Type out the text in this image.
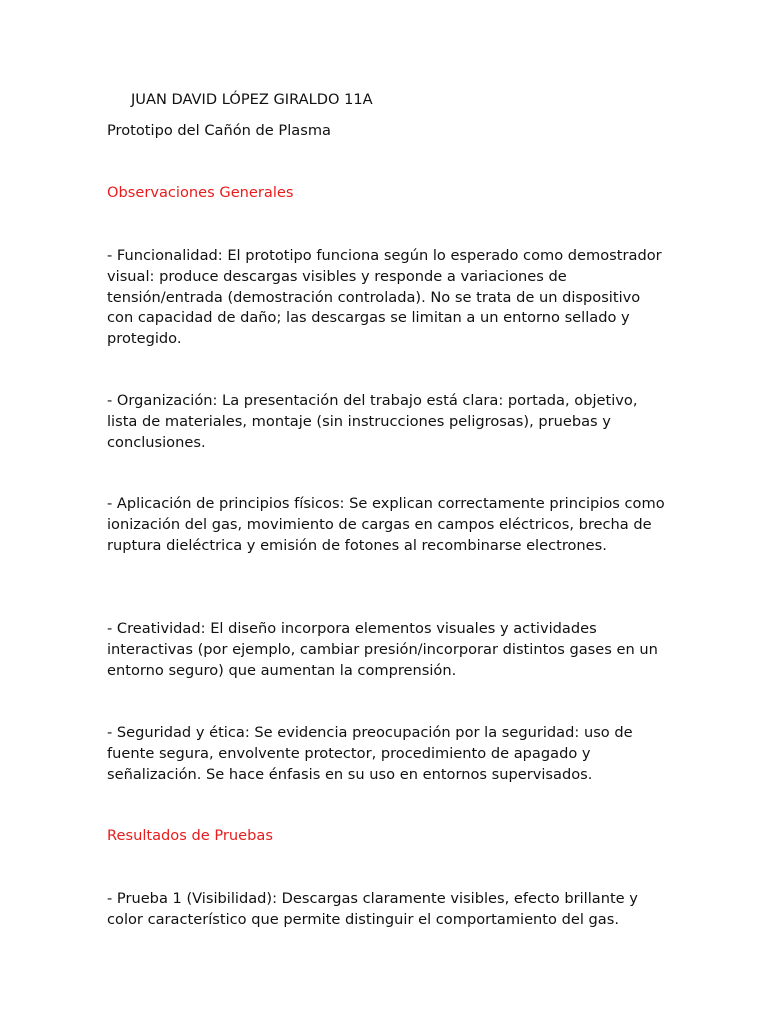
JUAN DAVID LÓPEZ GIRALDO 11A

Prototipo del Cañón de Plasma

Observaciones Generales

- Funcionalidad: El prototipo funciona según lo esperado como demostrador visual: produce descargas visibles y responde a variaciones de tensión/entrada (demostración controlada). No se trata de un dispositivo con capacidad de daño; las descargas se limitan a un entorno sellado y protegido.

- Organización: La presentación del trabajo está clara: portada, objetivo, lista de materiales, montaje (sin instrucciones peligrosas), pruebas y conclusiones.

- Aplicación de principios físicos: Se explican correctamente principios como ionización del gas, movimiento de cargas en campos eléctricos, brecha de ruptura dieléctrica y emisión de fotones al recombinarse electrones.

- Creatividad: El diseño incorpora elementos visuales y actividades interactivas (por ejemplo, cambiar presión/incorporar distintos gases en un entorno seguro) que aumentan la comprensión.

- Seguridad y ética: Se evidencia preocupación por la seguridad: uso de fuente segura, envolvente protector, procedimiento de apagado y señalización. Se hace énfasis en su uso en entornos supervisados.

Resultados de Pruebas

- Prueba 1 (Visibilidad): Descargas claramente visibles, efecto brillante y color característico que permite distinguir el comportamiento del gas.
